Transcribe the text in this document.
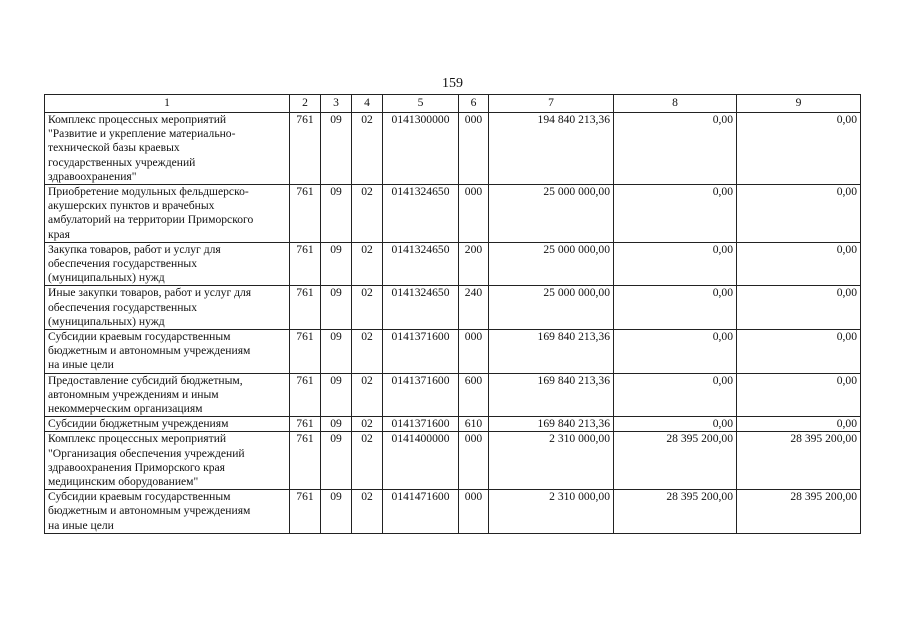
159
1	2	3	4	5	6	7	8	9

Комплекс процессных мероприятий
"Развитие и укрепление материально-
технической базы краевых
государственных учреждений
здравоохранения"	761	09	02	0141300000	000	194 840 213,36	0,00	0,00

Приобретение модульных фельдшерско-
акушерских пунктов и врачебных
амбулаторий на территории Приморского
края	761	09	02	0141324650	000	25 000 000,00	0,00	0,00

Закупка товаров, работ и услуг для
обеспечения государственных
(муниципальных) нужд	761	09	02	0141324650	200	25 000 000,00	0,00	0,00

Иные закупки товаров, работ и услуг для
обеспечения государственных
(муниципальных) нужд	761	09	02	0141324650	240	25 000 000,00	0,00	0,00

Субсидии краевым государственным
бюджетным и автономным учреждениям
на иные цели	761	09	02	0141371600	000	169 840 213,36	0,00	0,00

Предоставление субсидий бюджетным,
автономным учреждениям и иным
некоммерческим организациям	761	09	02	0141371600	600	169 840 213,36	0,00	0,00

Субсидии бюджетным учреждениям	761	09	02	0141371600	610	169 840 213,36	0,00	0,00

Комплекс процессных мероприятий
"Организация обеспечения учреждений
здравоохранения Приморского края
медицинским оборудованием"	761	09	02	0141400000	000	2 310 000,00	28 395 200,00	28 395 200,00

Субсидии краевым государственным
бюджетным и автономным учреждениям
на иные цели	761	09	02	0141471600	000	2 310 000,00	28 395 200,00	28 395 200,00
